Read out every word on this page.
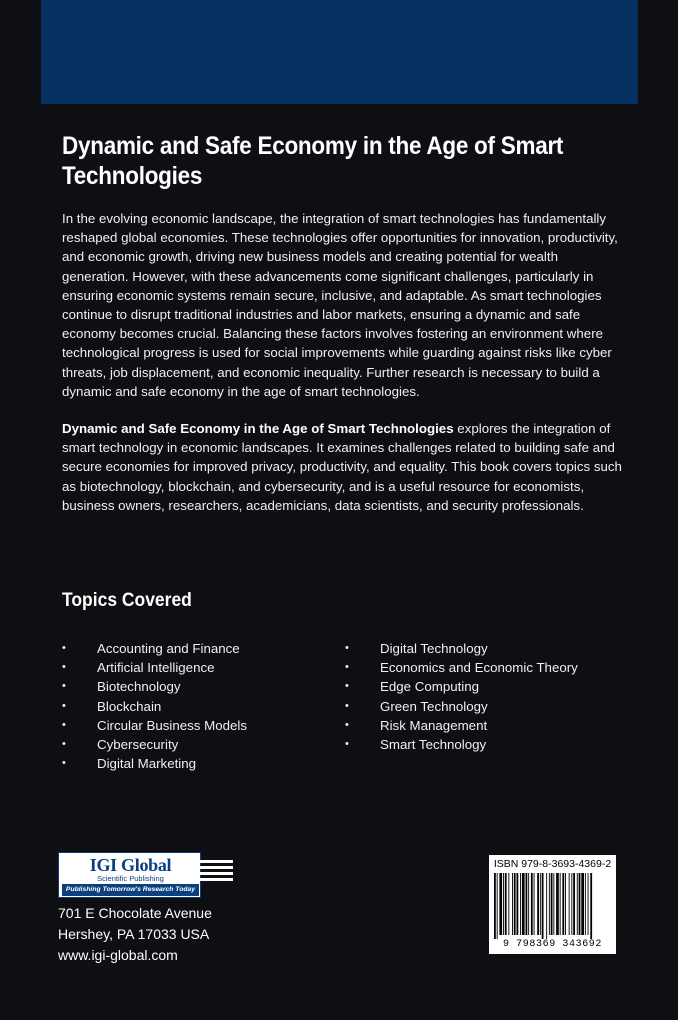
Dynamic and Safe Economy in the Age of Smart Technologies

In the evolving economic landscape, the integration of smart technologies has fundamentally reshaped global economies. These technologies offer opportunities for innovation, productivity, and economic growth, driving new business models and creating potential for wealth generation. However, with these advancements come significant challenges, particularly in ensuring economic systems remain secure, inclusive, and adaptable. As smart technologies continue to disrupt traditional industries and labor markets, ensuring a dynamic and safe economy becomes crucial. Balancing these factors involves fostering an environment where technological progress is used for social improvements while guarding against risks like cyber threats, job displacement, and economic inequality. Further research is necessary to build a dynamic and safe economy in the age of smart technologies.

Dynamic and Safe Economy in the Age of Smart Technologies explores the integration of smart technology in economic landscapes. It examines challenges related to building safe and secure economies for improved privacy, productivity, and equality. This book covers topics such as biotechnology, blockchain, and cybersecurity, and is a useful resource for economists, business owners, researchers, academicians, data scientists, and security professionals.

Topics Covered
• Accounting and Finance
• Artificial Intelligence
• Biotechnology
• Blockchain
• Circular Business Models
• Cybersecurity
• Digital Marketing
• Digital Technology
• Economics and Economic Theory
• Edge Computing
• Green Technology
• Risk Management
• Smart Technology
IGI Global
Scientific Publishing
Publishing Tomorrow's Research Today

701 E Chocolate Avenue
Hershey, PA 17033 USA
www.igi-global.com

ISBN 979-8-3693-4369-2
9 798369 343692
